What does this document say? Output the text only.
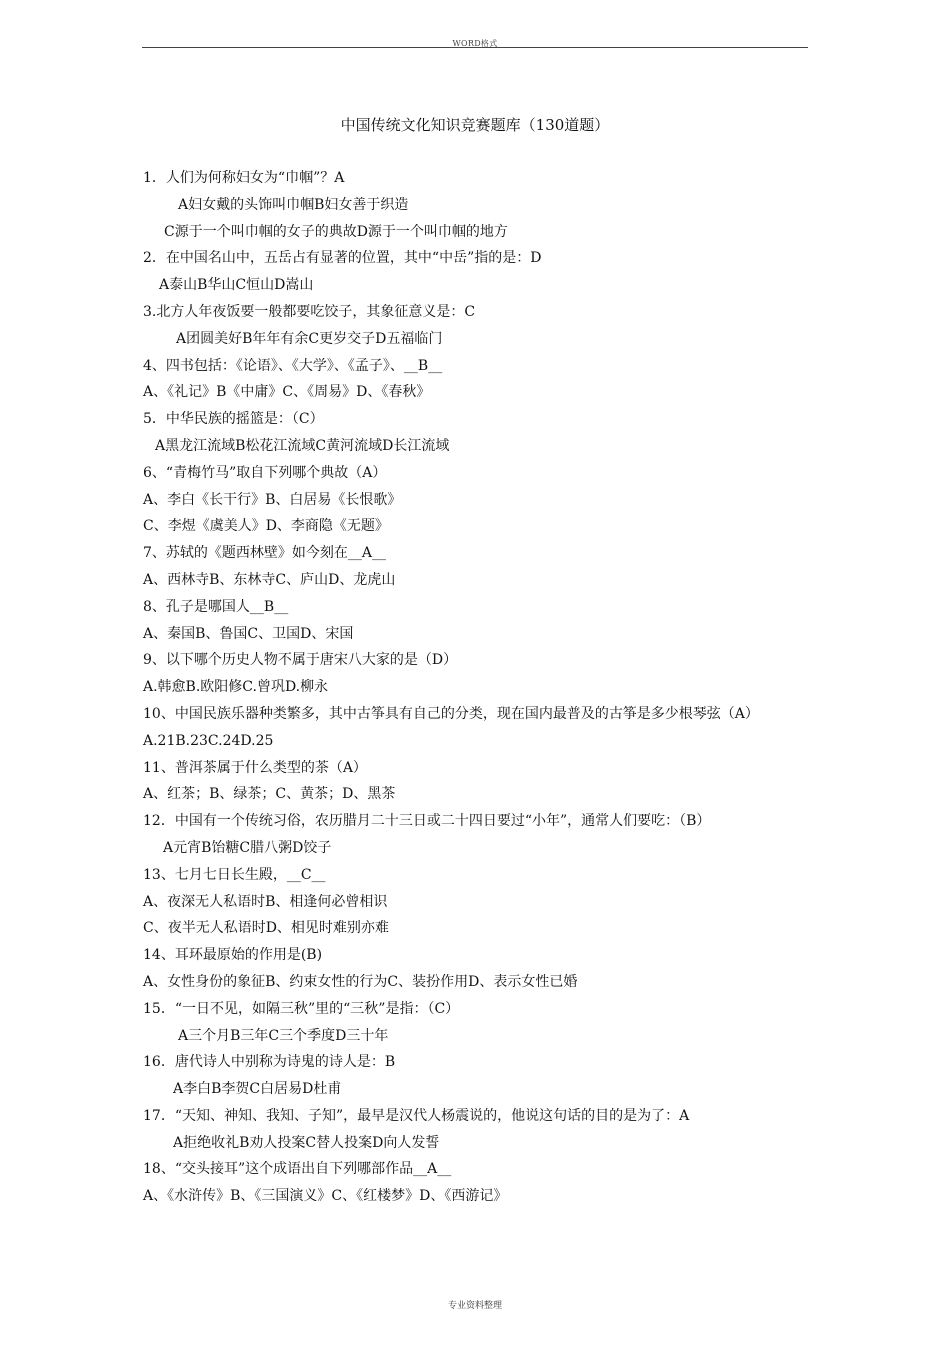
WORD格式
中国传统文化知识竞赛题库（130道题）
1．人们为何称妇女为“巾帼”？A
A妇女戴的头饰叫巾帼B妇女善于织造
C源于一个叫巾帼的女子的典故D源于一个叫巾帼的地方
2．在中国名山中，五岳占有显著的位置，其中“中岳”指的是：D
A泰山B华山C恒山D嵩山
3.北方人年夜饭要一般都要吃饺子，其象征意义是：C
A团圆美好B年年有余C更岁交子D五福临门
4、四书包括：《论语》、《大学》、《孟子》、__B__
A、《礼记》B《中庸》C、《周易》D、《春秋》
5．中华民族的摇篮是：（C）
A黑龙江流域B松花江流域C黄河流域D长江流域
6、“青梅竹马”取自下列哪个典故（A）
A、李白《长干行》B、白居易《长恨歌》
C、李煜《虞美人》D、李商隐《无题》
7、苏轼的《题西林壁》如今刻在__A__
A、西林寺B、东林寺C、庐山D、龙虎山
8、孔子是哪国人__B__
A、秦国B、鲁国C、卫国D、宋国
9、以下哪个历史人物不属于唐宋八大家的是（D）
A.韩愈B.欧阳修C.曾巩D.柳永
10、中国民族乐器种类繁多，其中古筝具有自己的分类，现在国内最普及的古筝是多少根琴弦（A）
A.21B.23C.24D.25
11、普洱茶属于什么类型的茶（A）
A、红茶；B、绿茶；C、黄茶；D、黑茶
12．中国有一个传统习俗，农历腊月二十三日或二十四日要过“小年”，通常人们要吃：（B）
A元宵B饴糖C腊八粥D饺子
13、七月七日长生殿，__C__
A、夜深无人私语时B、相逢何必曾相识
C、夜半无人私语时D、相见时难别亦难
14、耳环最原始的作用是(B)
A、女性身份的象征B、约束女性的行为C、装扮作用D、表示女性已婚
15．“一日不见，如隔三秋”里的“三秋”是指：（C）
A三个月B三年C三个季度D三十年
16．唐代诗人中别称为诗鬼的诗人是：B
A李白B李贺C白居易D杜甫
17．“天知、神知、我知、子知”，最早是汉代人杨震说的，他说这句话的目的是为了：A
A拒绝收礼B劝人投案C替人投案D向人发誓
18、“交头接耳”这个成语出自下列哪部作品__A__
A、《水浒传》B、《三国演义》C、《红楼梦》D、《西游记》
专业资料整理
